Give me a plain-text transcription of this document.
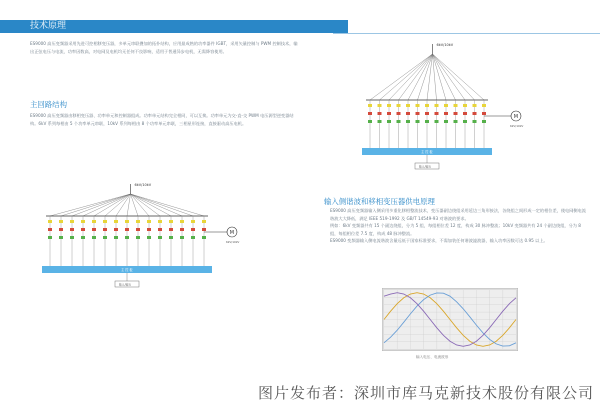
技术原理

ES9000 高压变频器采用先进可控相移变压器，多单元串联叠加的拓扑结构，应用最成熟的功率器件 IGBT，采用矢量控制与 PWM 控制技术，输出正弦电压与电流，功率因数高，对电网及电机均无任何不良影响，适用于普通异步电机，无需降容使用。

主回路结构

ES9000 高压变频器由移相变压器、功率单元和控制器组成。功率单元结构完全相同，可以互换。功率单元为交-直-交 PWM 电压源型逆变器结构。6kV 系列每相由 5 个功率单元串联，10kV 系列每相由 8 个功率单元串联，三相星形连接，直接驱动高压电机。

6kV/10kV
M
6kV/10kV
主 控 板
输入/输出
6kV/10kV
M
6kV/10kV
主 控 板
输入/输出
输入侧谐波和移相变压器供电原理
ES9000 高压变频器输入侧采用多重化移相整流技术，变压器副边绕组采用延边三角形接法，各绕组之间形成一定的相位差，使电网侧电流谐波大大降低，满足 IEEE 519-1992 及 GB/T 14549-93 对谐波的要求。
例如：6kV 变频器共有 15 个副边绕组，分为 5 组，每组相位差 12 度，构成 30 脉冲整流；10kV 变频器共有 24 个副边绕组，分为 8 组，每组相位差 7.5 度，构成 48 脉冲整流。
ES9000 变频器输入侧电流谐波含量远低于国家标准要求，不需加装任何谐波滤波器，输入功率因数可达 0.95 以上。
输入电压、电流波形
图片发布者：深圳市库马克新技术股份有限公司
